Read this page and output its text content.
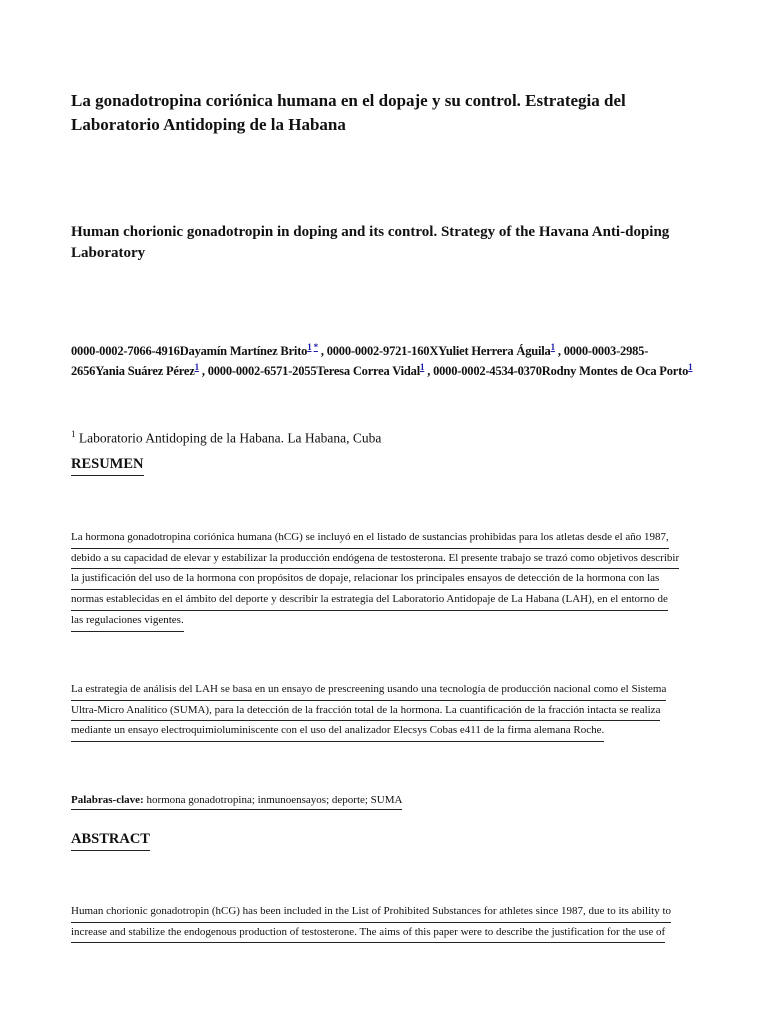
La gonadotropina coriónica humana en el dopaje y su control. Estrategia del Laboratorio Antidoping de la Habana
Human chorionic gonadotropin in doping and its control. Strategy of the Havana Anti-doping Laboratory
0000-0002-7066-4916Dayamín Martínez Brito$^{1 *}$ , 0000-0002-9721-160XYuliet Herrera Águila$^1$ , 0000-0003-2985-2656Yania Suárez Pérez$^1$ , 0000-0002-6571-2055Teresa Correa Vidal$^1$ , 0000-0002-4534-0370Rodny Montes de Oca Porto$^1$
$^1$ Laboratorio Antidoping de la Habana. La Habana, Cuba
RESUMEN
La hormona gonadotropina coriónica humana (hCG) se incluyó en el listado de sustancias prohibidas para los atletas desde el año 1987,
debido a su capacidad de elevar y estabilizar la producción endógena de testosterona. El presente trabajo se trazó como objetivos describir
la justificación del uso de la hormona con propósitos de dopaje, relacionar los principales ensayos de detección de la hormona con las
normas establecidas en el ámbito del deporte y describir la estrategia del Laboratorio Antidopaje de La Habana (LAH), en el entorno de
las regulaciones vigentes.
La estrategia de análisis del LAH se basa en un ensayo de prescreening usando una tecnología de producción nacional como el Sistema
Ultra-Micro Analítico (SUMA), para la detección de la fracción total de la hormona. La cuantificación de la fracción intacta se realiza
mediante un ensayo electroquimioluminiscente con el uso del analizador Elecsys Cobas e411 de la firma alemana Roche.
Palabras-clave: hormona gonadotropina; inmunoensayos; deporte; SUMA
ABSTRACT
Human chorionic gonadotropin (hCG) has been included in the List of Prohibited Substances for athletes since 1987, due to its ability to
increase and stabilize the endogenous production of testosterone. The aims of this paper were to describe the justification for the use of
